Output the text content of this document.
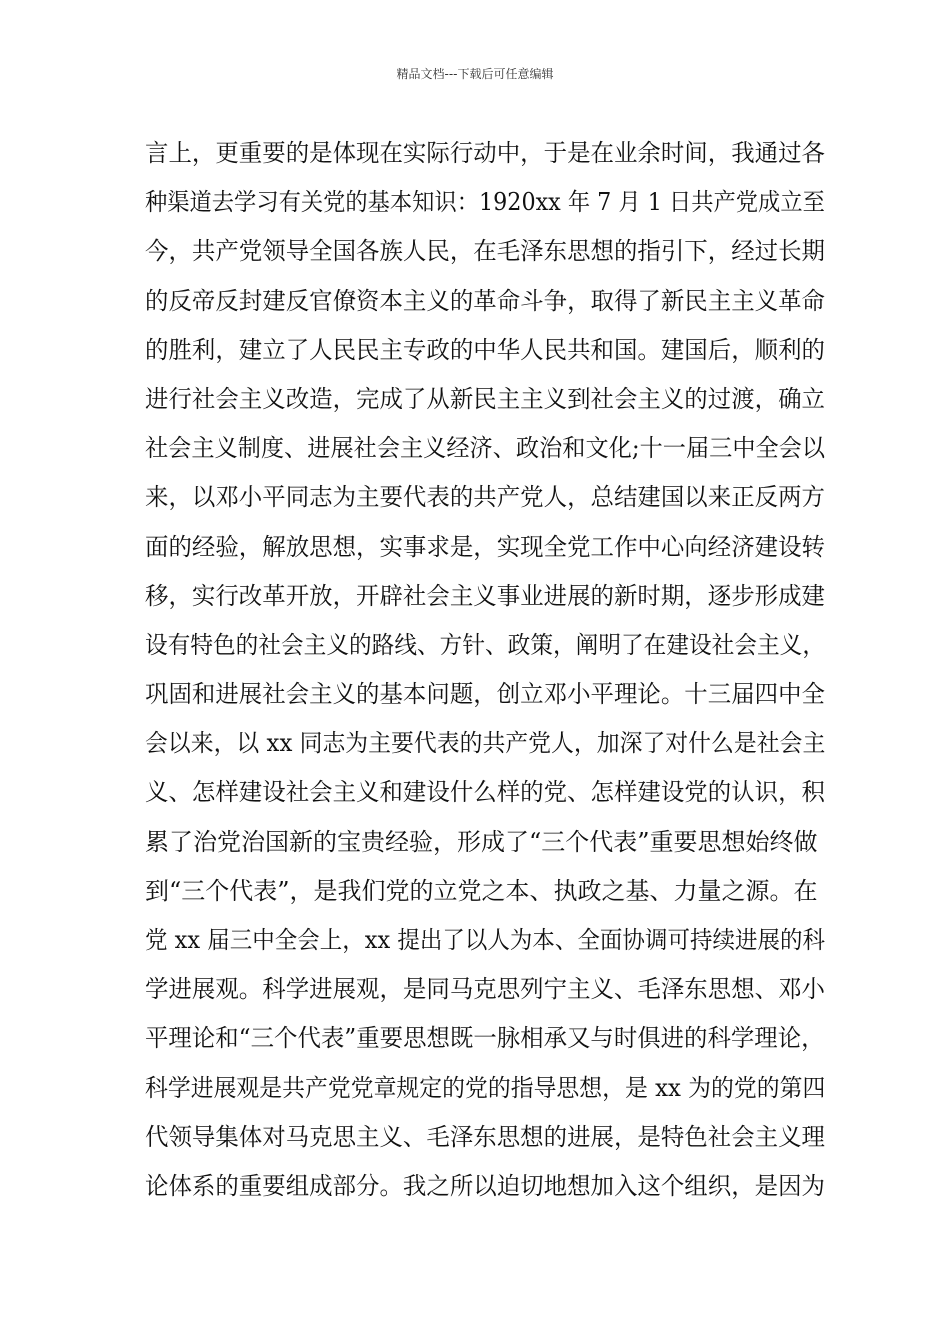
精品文档---下载后可任意编辑
言上，更重要的是体现在实际行动中，于是在业余时间，我通过各
种渠道去学习有关党的基本知识：1920xx 年 7 月 1 日共产党成立至
今，共产党领导全国各族人民，在毛泽东思想的指引下，经过长期
的反帝反封建反官僚资本主义的革命斗争，取得了新民主主义革命
的胜利，建立了人民民主专政的中华人民共和国。建国后，顺利的
进行社会主义改造，完成了从新民主主义到社会主义的过渡，确立
社会主义制度、进展社会主义经济、政治和文化;十一届三中全会以
来，以邓小平同志为主要代表的共产党人，总结建国以来正反两方
面的经验，解放思想，实事求是，实现全党工作中心向经济建设转
移，实行改革开放，开辟社会主义事业进展的新时期，逐步形成建
设有特色的社会主义的路线、方针、政策，阐明了在建设社会主义，
巩固和进展社会主义的基本问题，创立邓小平理论。十三届四中全
会以来，以 xx 同志为主要代表的共产党人，加深了对什么是社会主
义、怎样建设社会主义和建设什么样的党、怎样建设党的认识，积
累了治党治国新的宝贵经验，形成了“三个代表”重要思想始终做
到“三个代表”，是我们党的立党之本、执政之基、力量之源。在
党 xx 届三中全会上，xx 提出了以人为本、全面协调可持续进展的科
学进展观。科学进展观，是同马克思列宁主义、毛泽东思想、邓小
平理论和“三个代表”重要思想既一脉相承又与时俱进的科学理论，
科学进展观是共产党党章规定的党的指导思想，是 xx 为的党的第四
代领导集体对马克思主义、毛泽东思想的进展，是特色社会主义理
论体系的重要组成部分。我之所以迫切地想加入这个组织，是因为
